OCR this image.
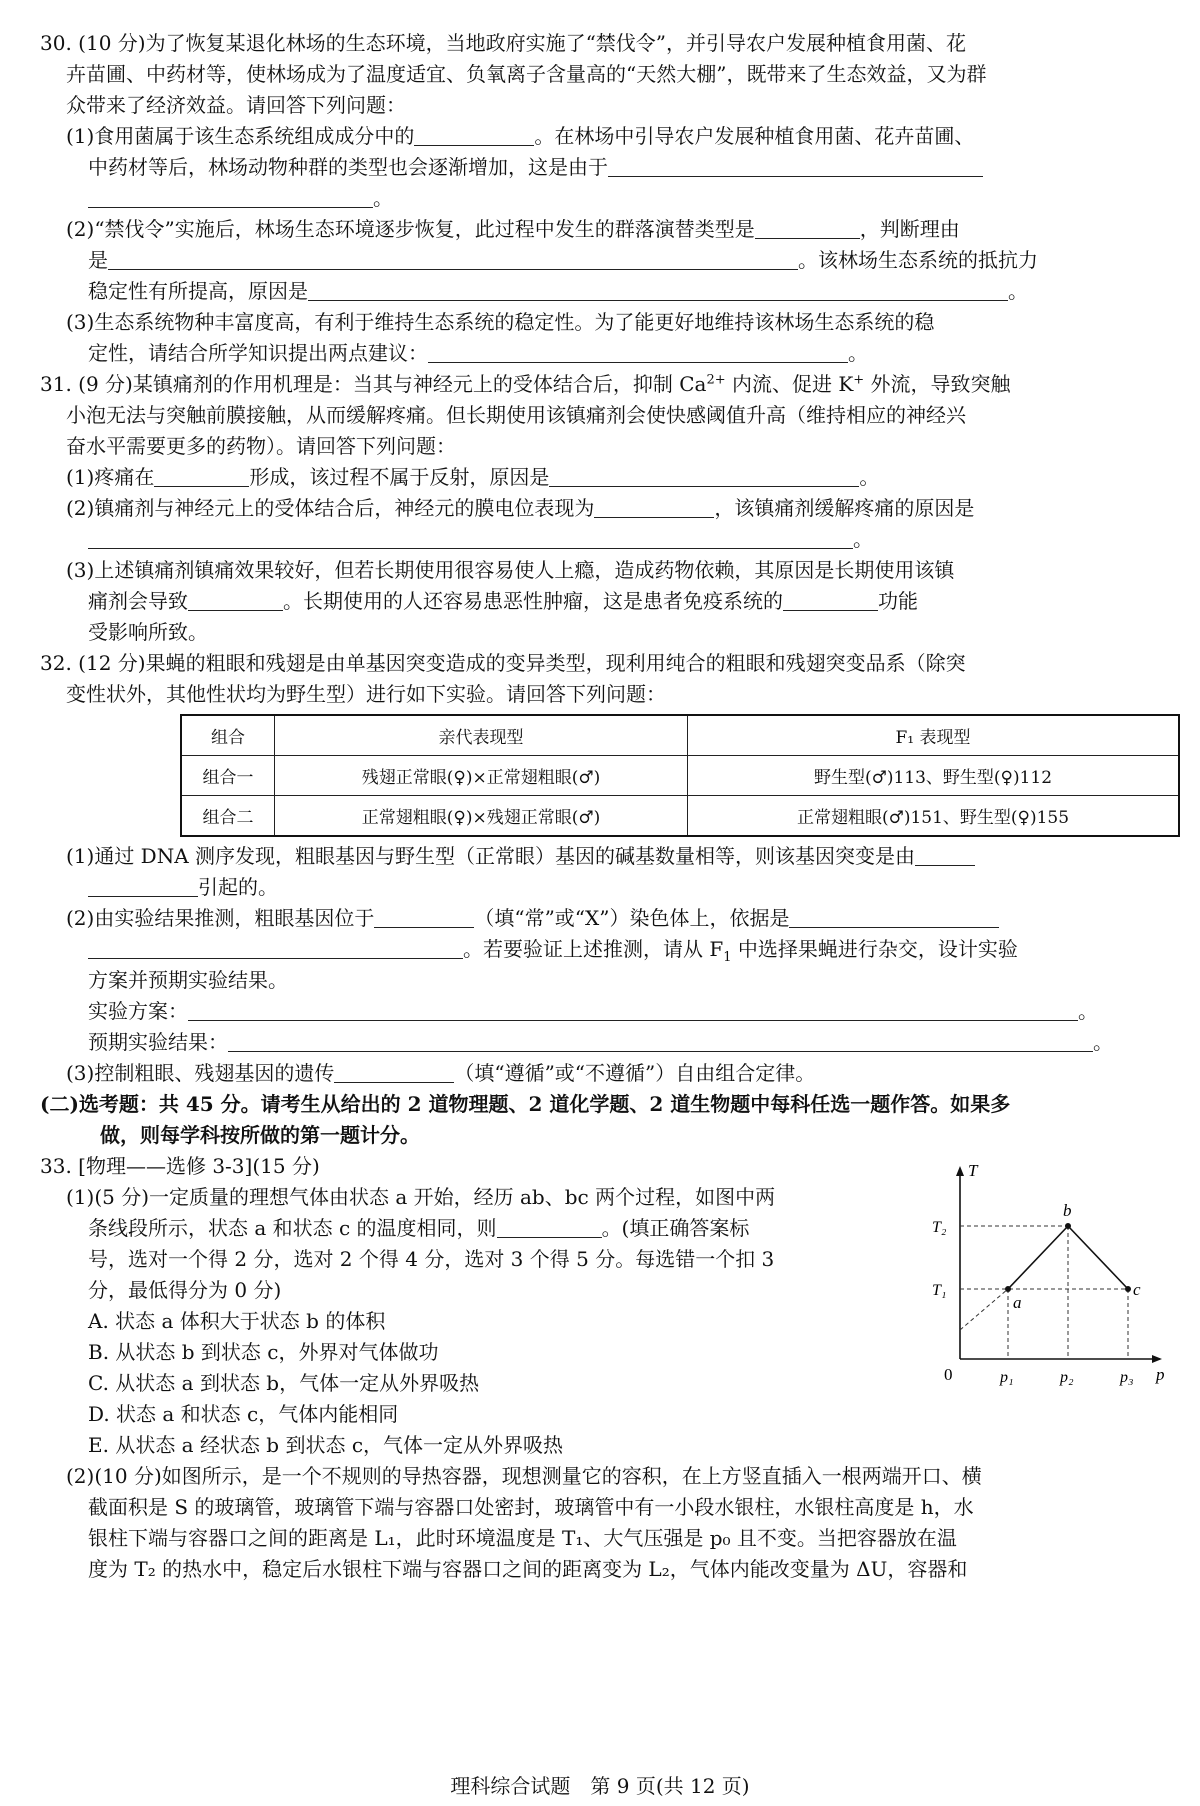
30. (10 分)为了恢复某退化林场的生态环境，当地政府实施了“禁伐令”，并引导农户发展种植食用菌、花
卉苗圃、中药材等，使林场成为了温度适宜、负氧离子含量高的“天然大棚”，既带来了生态效益，又为群
众带来了经济效益。请回答下列问题：
(1)食用菌属于该生态系统组成成分中的	。在林场中引导农户发展种植食用菌、花卉苗圃、
中药材等后，林场动物种群的类型也会逐渐增加，这是由于
。
(2)“禁伐令”实施后，林场生态环境逐步恢复，此过程中发生的群落演替类型是	，判断理由
是	。该林场生态系统的抵抗力
稳定性有所提高，原因是	。
(3)生态系统物种丰富度高，有利于维持生态系统的稳定性。为了能更好地维持该林场生态系统的稳
定性，请结合所学知识提出两点建议：	。
31. (9 分)某镇痛剂的作用机理是：当其与神经元上的受体结合后，抑制 $Ca^{2+}$ 内流、促进 K+ 外流，导致突触
小泡无法与突触前膜接触，从而缓解疼痛。但长期使用该镇痛剂会使快感阈值升高（维持相应的神经兴
奋水平需要更多的药物）。请回答下列问题：
(1)疼痛在	形成，该过程不属于反射，原因是	。
(2)镇痛剂与神经元上的受体结合后，神经元的膜电位表现为	，该镇痛剂缓解疼痛的原因是
。
(3)上述镇痛剂镇痛效果较好，但若长期使用很容易使人上瘾，造成药物依赖，其原因是长期使用该镇
痛剂会导致	。长期使用的人还容易患恶性肿瘤，这是患者免疫系统的	功能
受影响所致。
32. (12 分)果蝇的粗眼和残翅是由单基因突变造成的变异类型，现利用纯合的粗眼和残翅突变品系（除突
变性状外，其他性状均为野生型）进行如下实验。请回答下列问题：
组合	亲代表现型	F₁ 表现型
组合一	残翅正常眼(♀)×正常翅粗眼(♂)	野生型(♂)113、野生型(♀)112
组合二	正常翅粗眼(♀)×残翅正常眼(♂)	正常翅粗眼(♂)151、野生型(♀)155
(1)通过 DNA 测序发现，粗眼基因与野生型（正常眼）基因的碱基数量相等，则该基因突变是由
引起的。
(2)由实验结果推测，粗眼基因位于	（填“常”或“X”）染色体上，依据是
。若要验证上述推测，请从 $F_1$ 中选择果蝇进行杂交，设计实验
方案并预期实验结果。
实验方案：	。
预期实验结果：	。
(3)控制粗眼、残翅基因的遗传	（填“遵循”或“不遵循”）自由组合定律。
(二)选考题：共 45 分。请考生从给出的 2 道物理题、2 道化学题、2 道生物题中每科任选一题作答。如果多
做，则每学科按所做的第一题计分。
33. [物理——选修 3-3](15 分)
(1)(5 分)一定质量的理想气体由状态 a 开始，经历 ab、bc 两个过程，如图中两
条线段所示，状态 a 和状态 c 的温度相同，则	。(填正确答案标
号，选对一个得 2 分，选对 2 个得 4 分，选对 3 个得 5 分。每选错一个扣 3
分，最低得分为 0 分)
A. 状态 a 体积大于状态 b 的体积
B. 从状态 b 到状态 c，外界对气体做功
C. 从状态 a 到状态 b，气体一定从外界吸热
D. 状态 a 和状态 c，气体内能相同
E. 从状态 a 经状态 b 到状态 c，气体一定从外界吸热
T
p
0
T₂
T₁
p₁	p₂	p₃
a
b
c
(2)(10 分)如图所示，是一个不规则的导热容器，现想测量它的容积，在上方竖直插入一根两端开口、横
截面积是 S 的玻璃管，玻璃管下端与容器口处密封，玻璃管中有一小段水银柱，水银柱高度是 h，水
银柱下端与容器口之间的距离是 L₁，此时环境温度是 T₁、大气压强是 p₀ 且不变。当把容器放在温
度为 T₂ 的热水中，稳定后水银柱下端与容器口之间的距离变为 L₂，气体内能改变量为 ΔU，容器和
理科综合试题　第 9 页(共 12 页)
